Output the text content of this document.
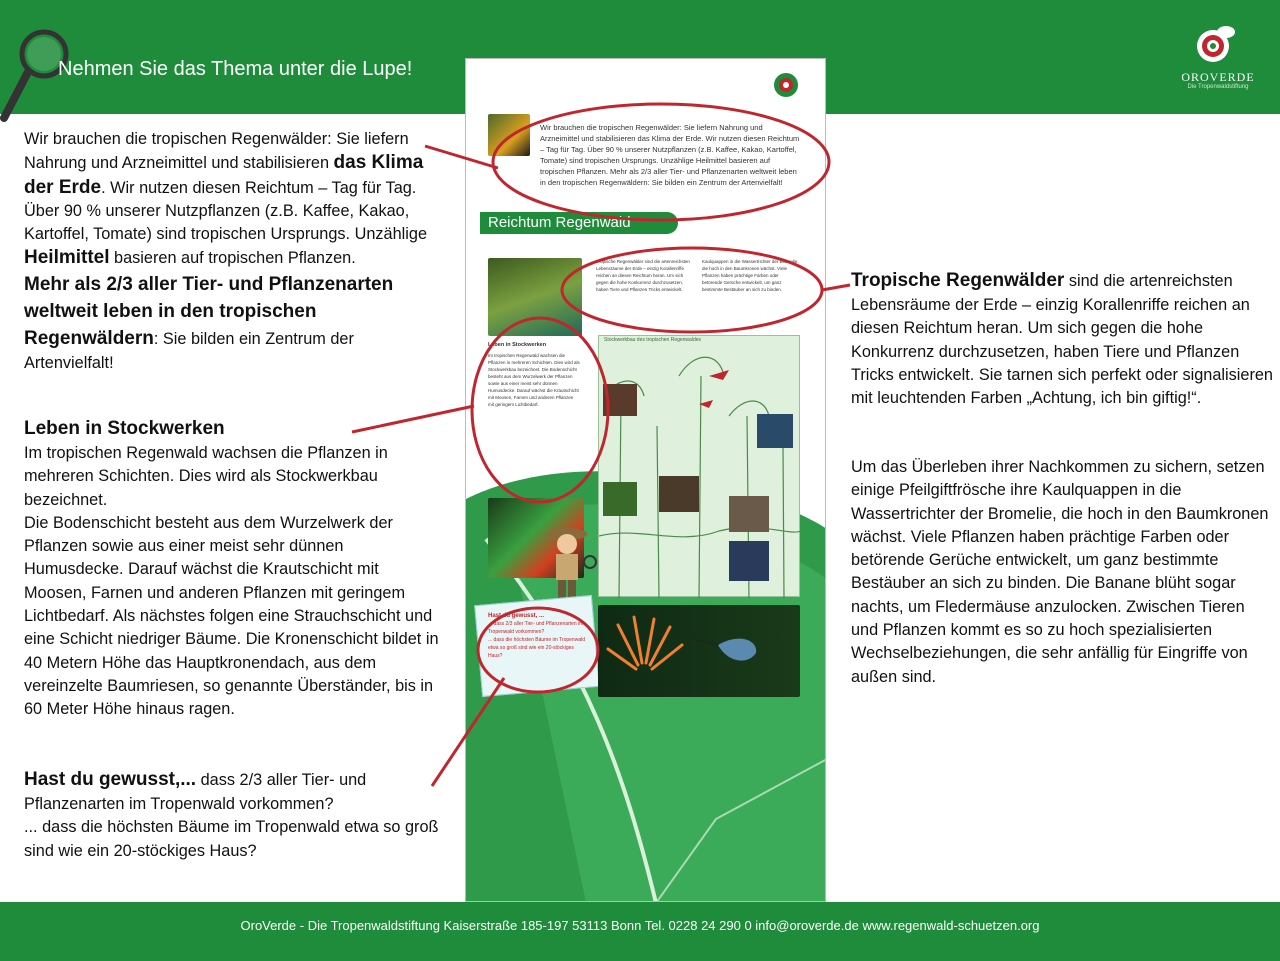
Nehmen Sie das Thema unter die Lupe!	OROVERDE
Die Tropenwaldstiftung
Wir brauchen die tropischen Regenwälder: Sie liefern Nahrung und Arzneimittel und stabilisieren das Klima der Erde. Wir nutzen diesen Reichtum – Tag für Tag. Über 90 % unserer Nutzpflanzen (z.B. Kaffee, Kakao, Kartoffel, Tomate) sind tropischen Ursprungs. Unzählige Heilmittel basieren auf tropischen Pflanzen.
Mehr als 2/3 aller Tier- und Pflanzenarten weltweit leben in den tropischen Regenwäldern: Sie bilden ein Zentrum der Artenvielfalt!
Leben in Stockwerken
Im tropischen Regenwald wachsen die Pflanzen in mehreren Schichten. Dies wird als Stockwerkbau bezeichnet.
Die Bodenschicht besteht aus dem Wurzelwerk der Pflanzen sowie aus einer meist sehr dünnen Humusdecke. Darauf wächst die Krautschicht mit Moosen, Farnen und anderen Pflanzen mit geringem Lichtbedarf. Als nächstes folgen eine Strauchschicht und eine Schicht niedriger Bäume. Die Kronenschicht bildet in 40 Metern Höhe das Hauptkronendach, aus dem vereinzelte Baumriesen, so genannte Überständer, bis in 60 Meter Höhe hinaus ragen.
Hast du gewusst,... dass 2/3 aller Tier- und Pflanzenarten im Tropenwald vorkommen?
... dass die höchsten Bäume im Tropenwald etwa so groß sind wie ein 20-stöckiges Haus?
Tropische Regenwälder sind die artenreichsten Lebensräume der Erde – einzig Korallenriffe reichen an diesen Reichtum heran. Um sich gegen die hohe Konkurrenz durchzusetzen, haben Tiere und Pflanzen Tricks entwickelt. Sie tarnen sich perfekt oder signalisieren mit leuchtenden Farben „Achtung, ich bin giftig!“.
Um das Überleben ihrer Nachkommen zu sichern, setzen einige Pfeilgiftfrösche ihre Kaulquappen in die Wassertrichter der Bromelie, die hoch in den Baumkronen wächst. Viele Pflanzen haben prächtige Farben oder betörende Gerüche entwickelt, um ganz bestimmte Bestäuber an sich zu binden. Die Banane blüht sogar nachts, um Fledermäuse anzulocken. Zwischen Tieren und Pflanzen kommt es so zu hoch spezialisierten Wechselbeziehungen, die sehr anfällig für Eingriffe von außen sind.
Wir brauchen die tropischen Regenwälder: Sie liefern Nahrung und Arzneimittel und stabilisieren das Klima der Erde. Wir nutzen diesen Reichtum – Tag für Tag. Über 90 % unserer Nutzpflanzen (z.B. Kaffee, Kakao, Kartoffel, Tomate) sind tropischen Ursprungs. Unzählige Heilmittel basieren auf tropischen Pflanzen. Mehr als 2/3 aller Tier- und Pflanzenarten weltweit leben in den tropischen Regenwäldern: Sie bilden ein Zentrum der Artenvielfalt!
Reichtum Regenwald
Tropische Regenwälder sind die artenreichsten Lebensräume der Erde – einzig Korallenriffe reichen an diesen Reichtum heran. Um sich gegen die hohe Konkurrenz durchzusetzen, haben Tiere und Pflanzen Tricks entwickelt.
Kaulquappen in die Wassertrichter der Bromelie, die hoch in den Baumkronen wächst. Viele Pflanzen haben prächtige Farben oder betörende Gerüche entwickelt, um ganz bestimmte Bestäuber an sich zu binden.
Leben in Stockwerken
Im tropischen Regenwald wachsen die Pflanzen in mehreren Schichten. Dies wird als Stockwerkbau bezeichnet. Die Bodenschicht besteht aus dem Wurzelwerk der Pflanzen sowie aus einer meist sehr dünnen Humusdecke. Darauf wächst die Krautschicht mit Moosen, Farnen und anderen Pflanzen mit geringem Lichtbedarf.
Stockwerkbau des tropischen Regenwaldes
Hast du gewusst, ...
... dass 2/3 aller Tier- und Pflanzenarten im Tropenwald vorkommen?
... dass die höchsten Bäume im Tropenwald etwa so groß sind wie ein 20-stöckiges Haus?
OroVerde - Die Tropenwaldstiftung Kaiserstraße 185-197 53113 Bonn Tel. 0228 24 290 0 info@oroverde.de www.regenwald-schuetzen.org
